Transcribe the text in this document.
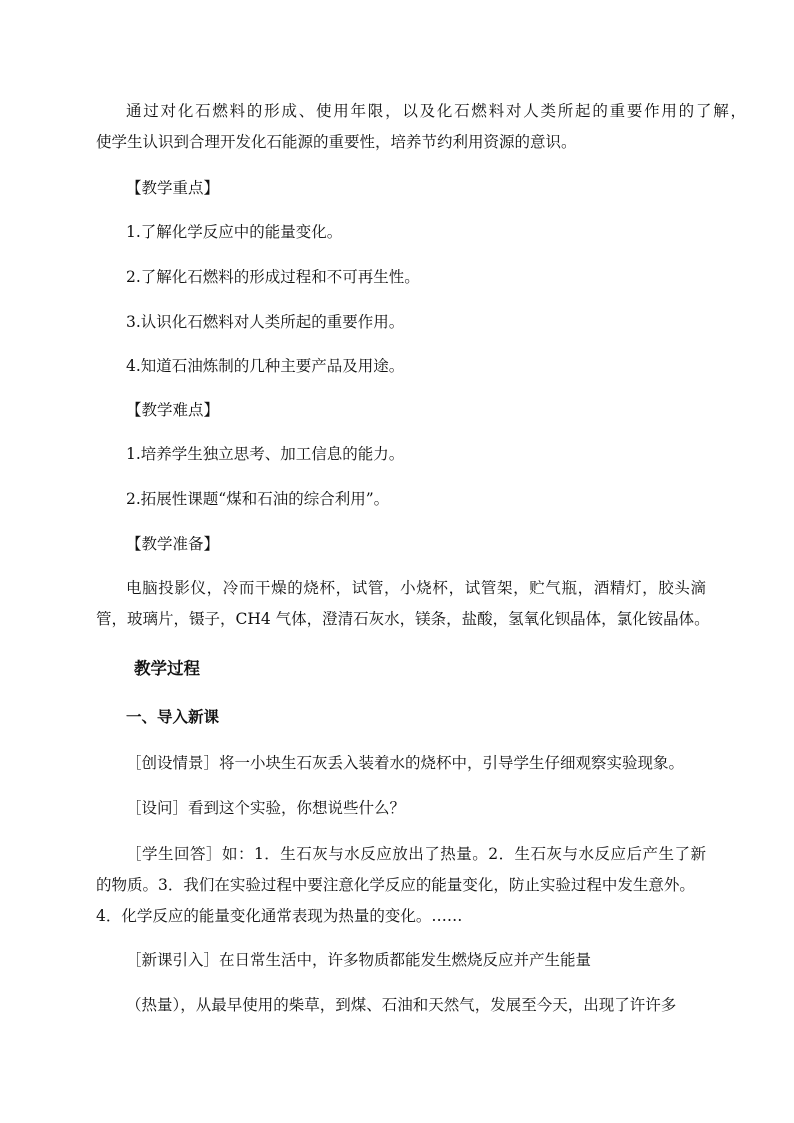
通过对化石燃料的形成、使用年限，以及化石燃料对人类所起的重要作用的了解，
使学生认识到合理开发化石能源的重要性，培养节约利用资源的意识。
【教学重点】
1.了解化学反应中的能量变化。
2.了解化石燃料的形成过程和不可再生性。
3.认识化石燃料对人类所起的重要作用。
4.知道石油炼制的几种主要产品及用途。
【教学难点】
1.培养学生独立思考、加工信息的能力。
2.拓展性课题“煤和石油的综合利用”。
【教学准备】
电脑投影仪，冷而干燥的烧杯，试管，小烧杯，试管架，贮气瓶，酒精灯，胶头滴
管，玻璃片，镊子，CH4 气体，澄清石灰水，镁条，盐酸，氢氧化钡晶体，氯化铵晶体。
教学过程
一、导入新课
［创设情景］将一小块生石灰丢入装着水的烧杯中，引导学生仔细观察实验现象。
［设问］看到这个实验，你想说些什么？
［学生回答］如：1．生石灰与水反应放出了热量。2．生石灰与水反应后产生了新
的物质。3．我们在实验过程中要注意化学反应的能量变化，防止实验过程中发生意外。
4．化学反应的能量变化通常表现为热量的变化。……
［新课引入］在日常生活中，许多物质都能发生燃烧反应并产生能量
（热量），从最早使用的柴草，到煤、石油和天然气，发展至今天，出现了许许多
